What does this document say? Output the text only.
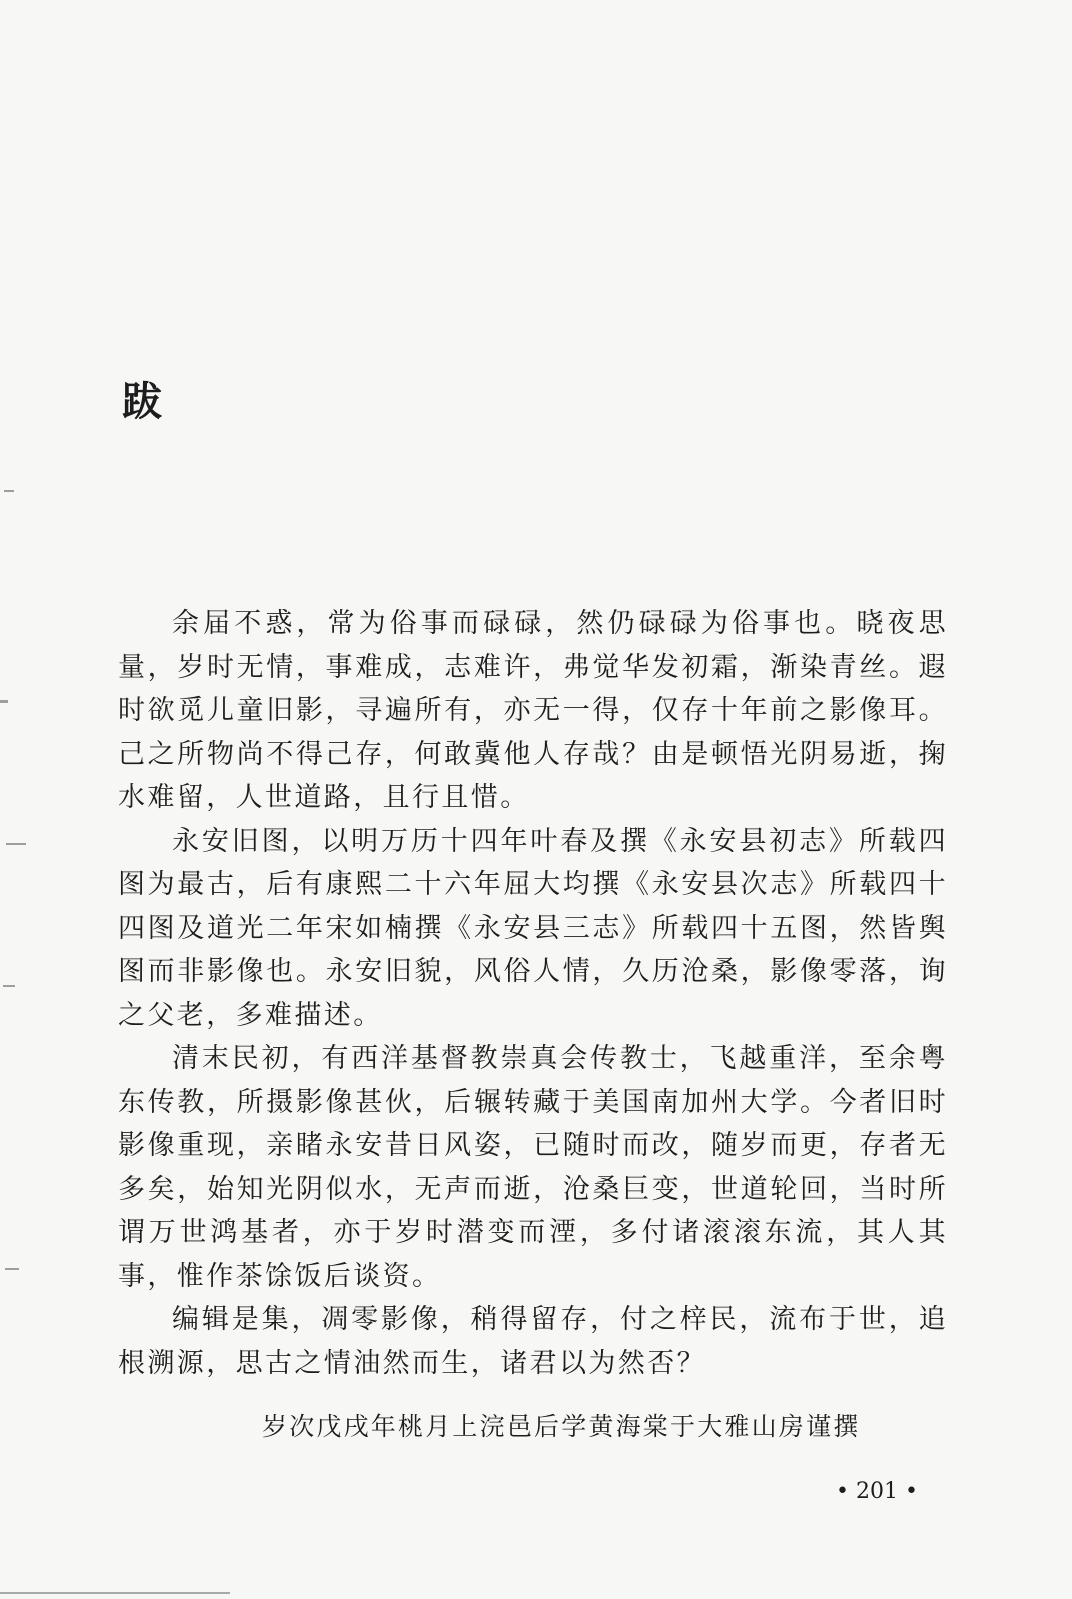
跋

余届不惑，常为俗事而碌碌，然仍碌碌为俗事也。晓夜思量，岁时无情，事难成，志难许，弗觉华发初霜，渐染青丝。遐时欲觅儿童旧影，寻遍所有，亦无一得，仅存十年前之影像耳。己之所物尚不得己存，何敢冀他人存哉？由是顿悟光阴易逝，掬水难留，人世道路，且行且惜。

永安旧图，以明万历十四年叶春及撰《永安县初志》所载四图为最古，后有康熙二十六年屈大均撰《永安县次志》所载四十四图及道光二年宋如楠撰《永安县三志》所载四十五图，然皆舆图而非影像也。永安旧貌，风俗人情，久历沧桑，影像零落，询之父老，多难描述。

清末民初，有西洋基督教崇真会传教士，飞越重洋，至余粤东传教，所摄影像甚伙，后辗转藏于美国南加州大学。今者旧时影像重现，亲睹永安昔日风姿，已随时而改，随岁而更，存者无多矣，始知光阴似水，无声而逝，沧桑巨变，世道轮回，当时所谓万世鸿基者，亦于岁时潜变而湮，多付诸滚滚东流，其人其事，惟作茶馀饭后谈资。

编辑是集，凋零影像，稍得留存，付之梓民，流布于世，追根溯源，思古之情油然而生，诸君以为然否？

岁次戊戌年桃月上浣邑后学黄海棠于大雅山房谨撰
• 201 •
